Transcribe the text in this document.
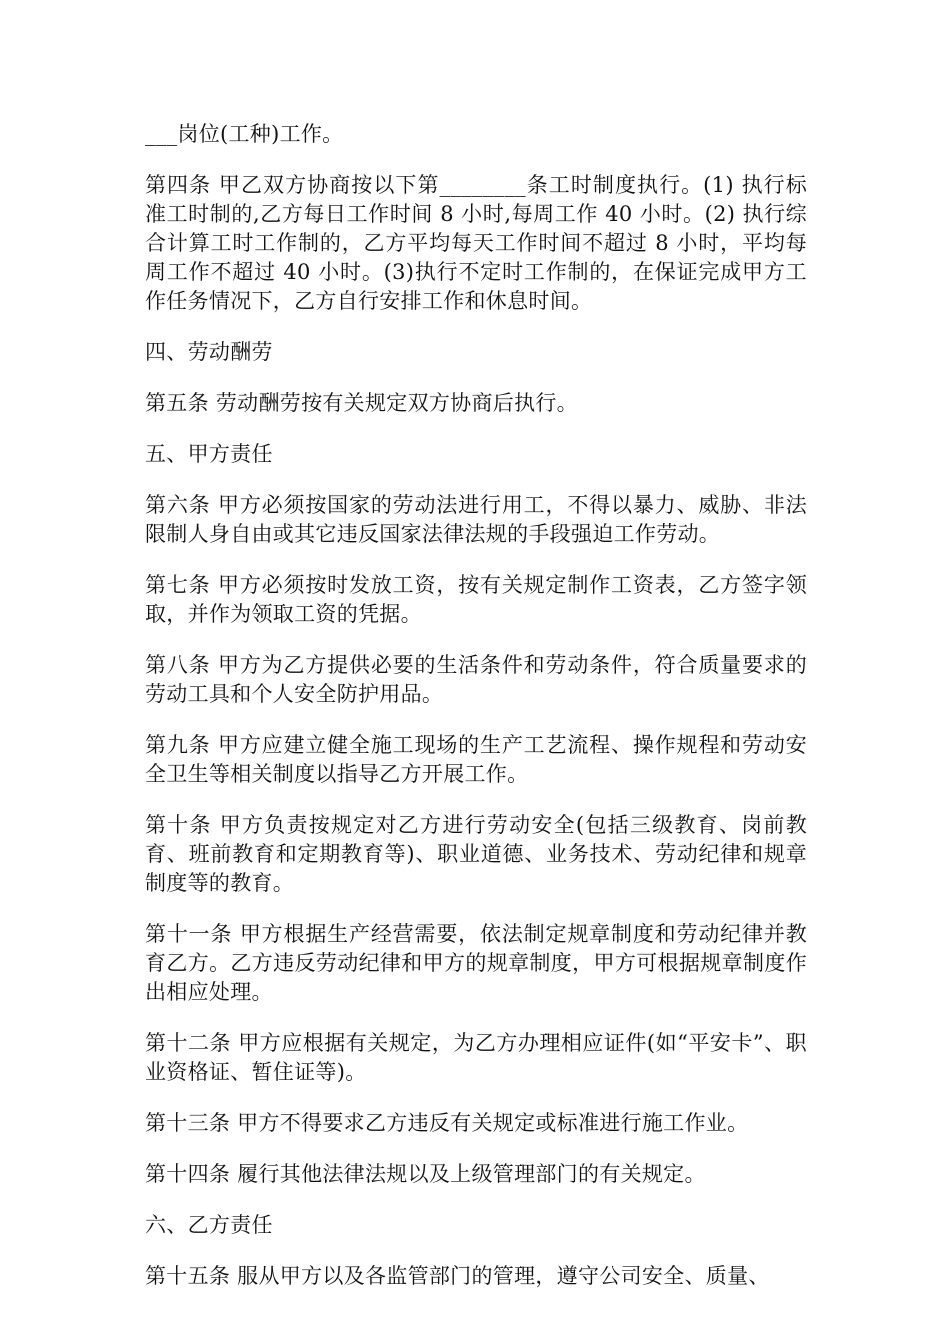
___岗位(工种)工作。

第四条 甲乙双方协商按以下第________条工时制度执行。(1) 执行标准工时制的,乙方每日工作时间 8 小时,每周工作 40 小时。(2) 执行综合计算工时工作制的，乙方平均每天工作时间不超过 8 小时，平均每周工作不超过 40 小时。(3)执行不定时工作制的，在保证完成甲方工作任务情况下，乙方自行安排工作和休息时间。

四、劳动酬劳

第五条 劳动酬劳按有关规定双方协商后执行。

五、甲方责任

第六条 甲方必须按国家的劳动法进行用工，不得以暴力、威胁、非法限制人身自由或其它违反国家法律法规的手段强迫工作劳动。

第七条 甲方必须按时发放工资，按有关规定制作工资表，乙方签字领取，并作为领取工资的凭据。

第八条 甲方为乙方提供必要的生活条件和劳动条件，符合质量要求的劳动工具和个人安全防护用品。

第九条 甲方应建立健全施工现场的生产工艺流程、操作规程和劳动安全卫生等相关制度以指导乙方开展工作。

第十条 甲方负责按规定对乙方进行劳动安全(包括三级教育、岗前教育、班前教育和定期教育等)、职业道德、业务技术、劳动纪律和规章制度等的教育。

第十一条 甲方根据生产经营需要，依法制定规章制度和劳动纪律并教育乙方。乙方违反劳动纪律和甲方的规章制度，甲方可根据规章制度作出相应处理。

第十二条 甲方应根据有关规定，为乙方办理相应证件(如“平安卡”、职业资格证、暂住证等)。

第十三条 甲方不得要求乙方违反有关规定或标准进行施工作业。

第十四条 履行其他法律法规以及上级管理部门的有关规定。

六、乙方责任

第十五条 服从甲方以及各监管部门的管理，遵守公司安全、质量、
